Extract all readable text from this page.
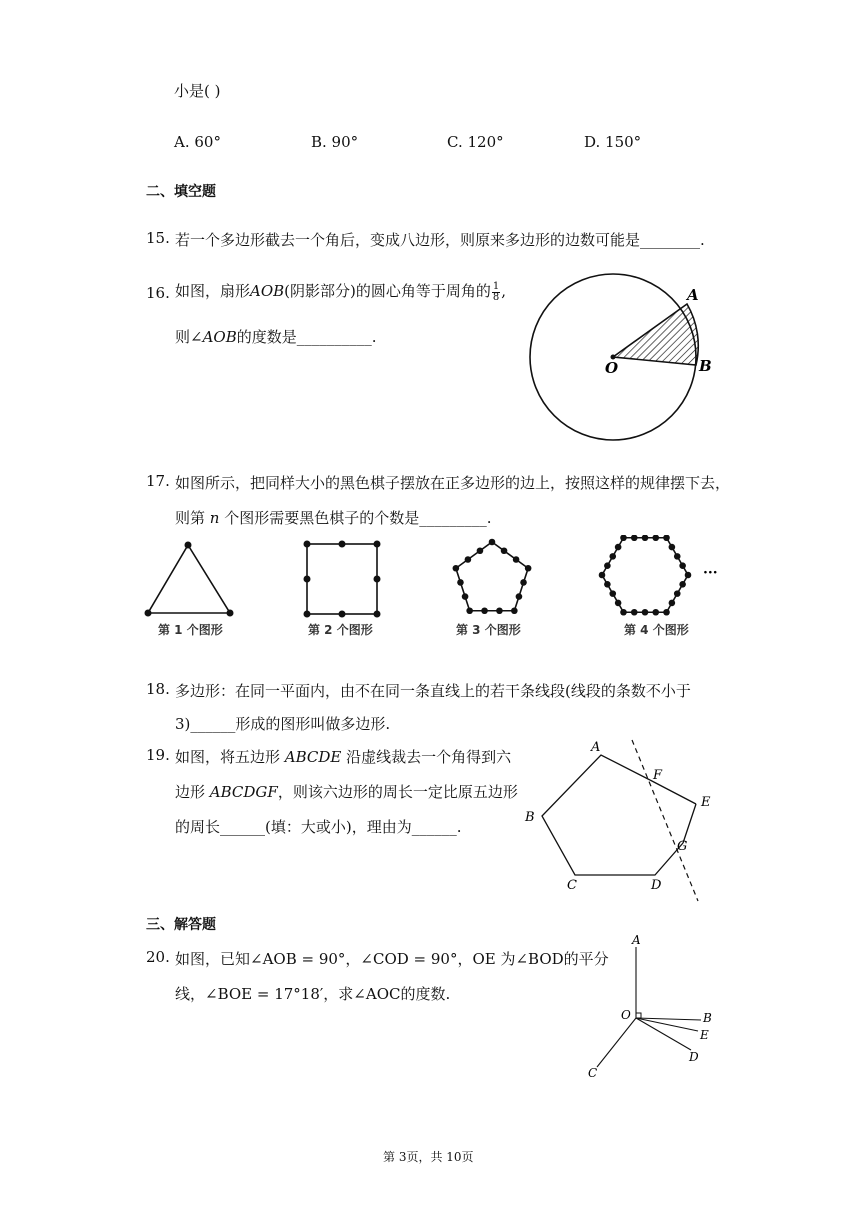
小是( )
A. 60°	B. 90°	C. 120°	D. 150°
二、填空题
15. 若一个多边形截去一个角后，变成八边形，则原来多边形的边数可能是________.
16. 如图，扇形AOB(阴影部分)的圆心角等于周角的 $\frac{1}{8}$ ,
则∠AOB的度数是__________.
A
B
O
17. 如图所示，把同样大小的黑色棋子摆放在正多边形的边上，按照这样的规律摆下去，
则第 n 个图形需要黑色棋子的个数是_________.
···
第 1 个图形	第 2 个图形	第 3 个图形	第 4 个图形
18. 多边形：在同一平面内，由不在同一条直线上的若干条线段(线段的条数不小于
3)______形成的图形叫做多边形.
19. 如图，将五边形 ABCDE 沿虚线裁去一个角得到六
边形 ABCDGF，则该六边形的周长一定比原五边形
的周长______(填：大或小)，理由为______.
A
B
C	D
E
F
G
三、解答题
20. 如图，已知∠AOB = 90°，∠COD = 90°，OE 为∠BOD的平分
线，∠BOE = 17°18′，求∠AOC的度数.
A
O	B
E
D
C
第 3页，共 10页
